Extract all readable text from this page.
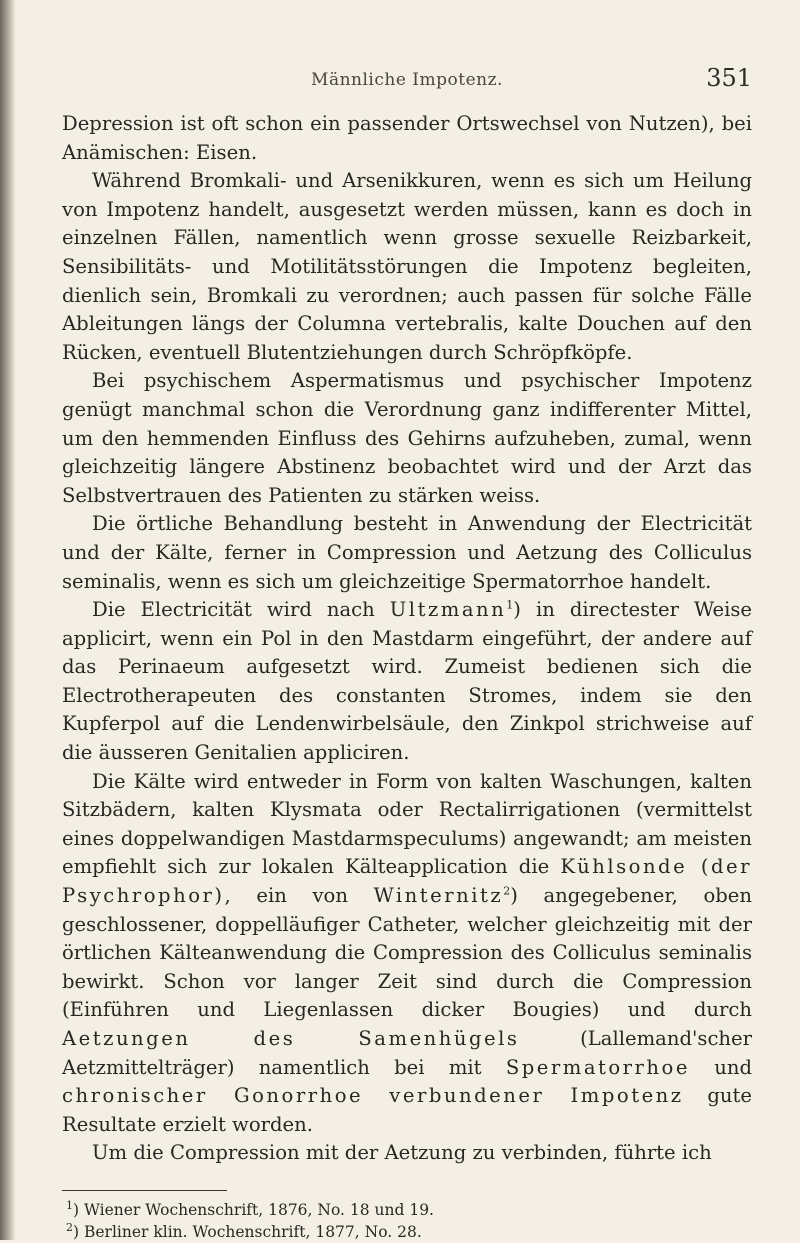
Männliche Impotenz.	351

Depression ist oft schon ein passender Ortswechsel von Nutzen), bei Anämischen: Eisen.

Während Bromkali- und Arsenikkuren, wenn es sich um Heilung von Impotenz handelt, ausgesetzt werden müssen, kann es doch in einzelnen Fällen, namentlich wenn grosse sexuelle Reizbarkeit, Sensibilitäts- und Motilitätsstörungen die Impotenz begleiten, dienlich sein, Bromkali zu verordnen; auch passen für solche Fälle Ableitungen längs der Columna vertebralis, kalte Douchen auf den Rücken, eventuell Blutentziehungen durch Schröpfköpfe.

Bei psychischem Aspermatismus und psychischer Impotenz genügt manchmal schon die Verordnung ganz indifferenter Mittel, um den hemmenden Einfluss des Gehirns aufzuheben, zumal, wenn gleichzeitig längere Abstinenz beobachtet wird und der Arzt das Selbstvertrauen des Patienten zu stärken weiss.

Die örtliche Behandlung besteht in Anwendung der Electricität und der Kälte, ferner in Compression und Aetzung des Colliculus seminalis, wenn es sich um gleichzeitige Spermatorrhoe handelt.

Die Electricität wird nach Ultzmann$^1$) in directester Weise applicirt, wenn ein Pol in den Mastdarm eingeführt, der andere auf das Perinaeum aufgesetzt wird. Zumeist bedienen sich die Electrotherapeuten des constanten Stromes, indem sie den Kupferpol auf die Lendenwirbelsäule, den Zinkpol strichweise auf die äusseren Genitalien appliciren.

Die Kälte wird entweder in Form von kalten Waschungen, kalten Sitzbädern, kalten Klysmata oder Rectalirrigationen (vermittelst eines doppelwandigen Mastdarmspeculums) angewandt; am meisten empfiehlt sich zur lokalen Kälteapplication die Kühlsonde (der Psychrophor), ein von Winternitz$^2$) angegebener, oben geschlossener, doppelläufiger Catheter, welcher gleichzeitig mit der örtlichen Kälteanwendung die Compression des Colliculus seminalis bewirkt. Schon vor langer Zeit sind durch die Compression (Einführen und Liegenlassen dicker Bougies) und durch Aetzungen des Samenhügels (Lallemand'scher Aetzmittelträger) namentlich bei mit Spermatorrhoe und chronischer Gonorrhoe verbundener Impotenz gute Resultate erzielt worden.

Um die Compression mit der Aetzung zu verbinden, führte ich

$^1$) Wiener Wochenschrift, 1876, No. 18 und 19.

$^2$) Berliner klin. Wochenschrift, 1877, No. 28.
